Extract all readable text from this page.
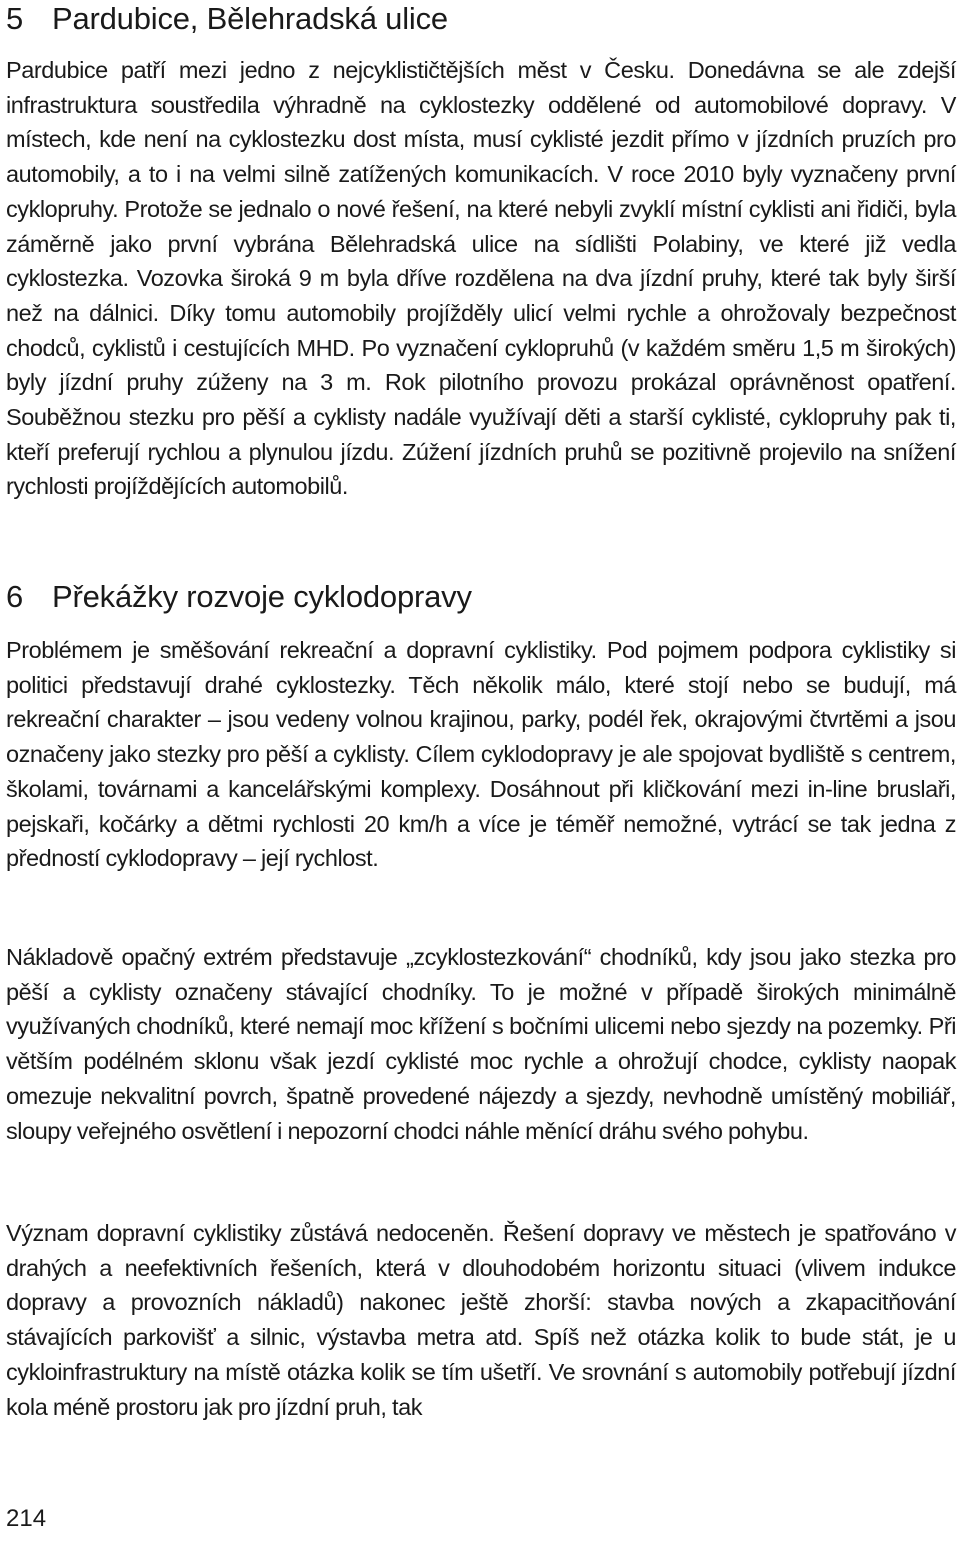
5 Pardubice, Bělehradská ulice

Pardubice patří mezi jedno z nejcyklističtějších měst v Česku. Donedávna se ale zdejší infrastruktura soustředila výhradně na cyklostezky oddělené od automobilové dopravy. V místech, kde není na cyklostezku dost místa, musí cyklisté jezdit přímo v jízdních pruzích pro automobily, a to i na velmi silně zatížených komunikacích. V roce 2010 byly vyznačeny první cyklopruhy. Protože se jednalo o nové řešení, na které nebyli zvyklí místní cyklisti ani řidiči, byla záměrně jako první vybrána Bělehradská ulice na sídlišti Polabiny, ve které již vedla cyklostezka. Vozovka široká 9 m byla dříve rozdělena na dva jízdní pruhy, které tak byly širší než na dálnici. Díky tomu automobily projížděly ulicí velmi rychle a ohrožovaly bezpečnost chodců, cyklistů i cestujících MHD. Po vyznačení cyklopruhů (v každém směru 1,5 m širokých) byly jízdní pruhy zúženy na 3 m. Rok pilotního provozu prokázal oprávněnost opatření. Souběžnou stezku pro pěší a cyklisty nadále využívají děti a starší cyklisté, cyklopruhy pak ti, kteří preferují rychlou a plynulou jízdu. Zúžení jízdních pruhů se pozitivně projevilo na snížení rychlosti projíždějících automobilů.

6 Překážky rozvoje cyklodopravy

Problémem je směšování rekreační a dopravní cyklistiky. Pod pojmem podpora cyklistiky si politici představují drahé cyklostezky. Těch několik málo, které stojí nebo se budují, má rekreační charakter – jsou vedeny volnou krajinou, parky, podél řek, okrajovými čtvrtěmi a jsou označeny jako stezky pro pěší a cyklisty. Cílem cyklodopravy je ale spojovat bydliště s centrem, školami, továrnami a kancelářskými komplexy. Dosáhnout při kličkování mezi in-line bruslaři, pejskaři, kočárky a dětmi rychlosti 20 km/h a více je téměř nemožné, vytrácí se tak jedna z předností cyklodopravy – její rychlost.

Nákladově opačný extrém představuje „zcyklostezkování“ chodníků, kdy jsou jako stezka pro pěší a cyklisty označeny stávající chodníky. To je možné v případě širokých minimálně využívaných chodníků, které nemají moc křížení s bočními ulicemi nebo sjezdy na pozemky. Při větším podélném sklonu však jezdí cyklisté moc rychle a ohrožují chodce, cyklisty naopak omezuje nekvalitní povrch, špatně provedené nájezdy a sjezdy, nevhodně umístěný mobiliář, sloupy veřejného osvětlení i nepozorní chodci náhle měnící dráhu svého pohybu.

Význam dopravní cyklistiky zůstává nedoceněn. Řešení dopravy ve městech je spatřováno v drahých a neefektivních řešeních, která v dlouhodobém horizontu situaci (vlivem indukce dopravy a provozních nákladů) nakonec ještě zhorší: stavba nových a zkapacitňování stávajících parkovišť a silnic, výstavba metra atd. Spíš než otázka kolik to bude stát, je u cykloinfrastruktury na místě otázka kolik se tím ušetří. Ve srovnání s automobily potřebují jízdní kola méně prostoru jak pro jízdní pruh, tak

214
